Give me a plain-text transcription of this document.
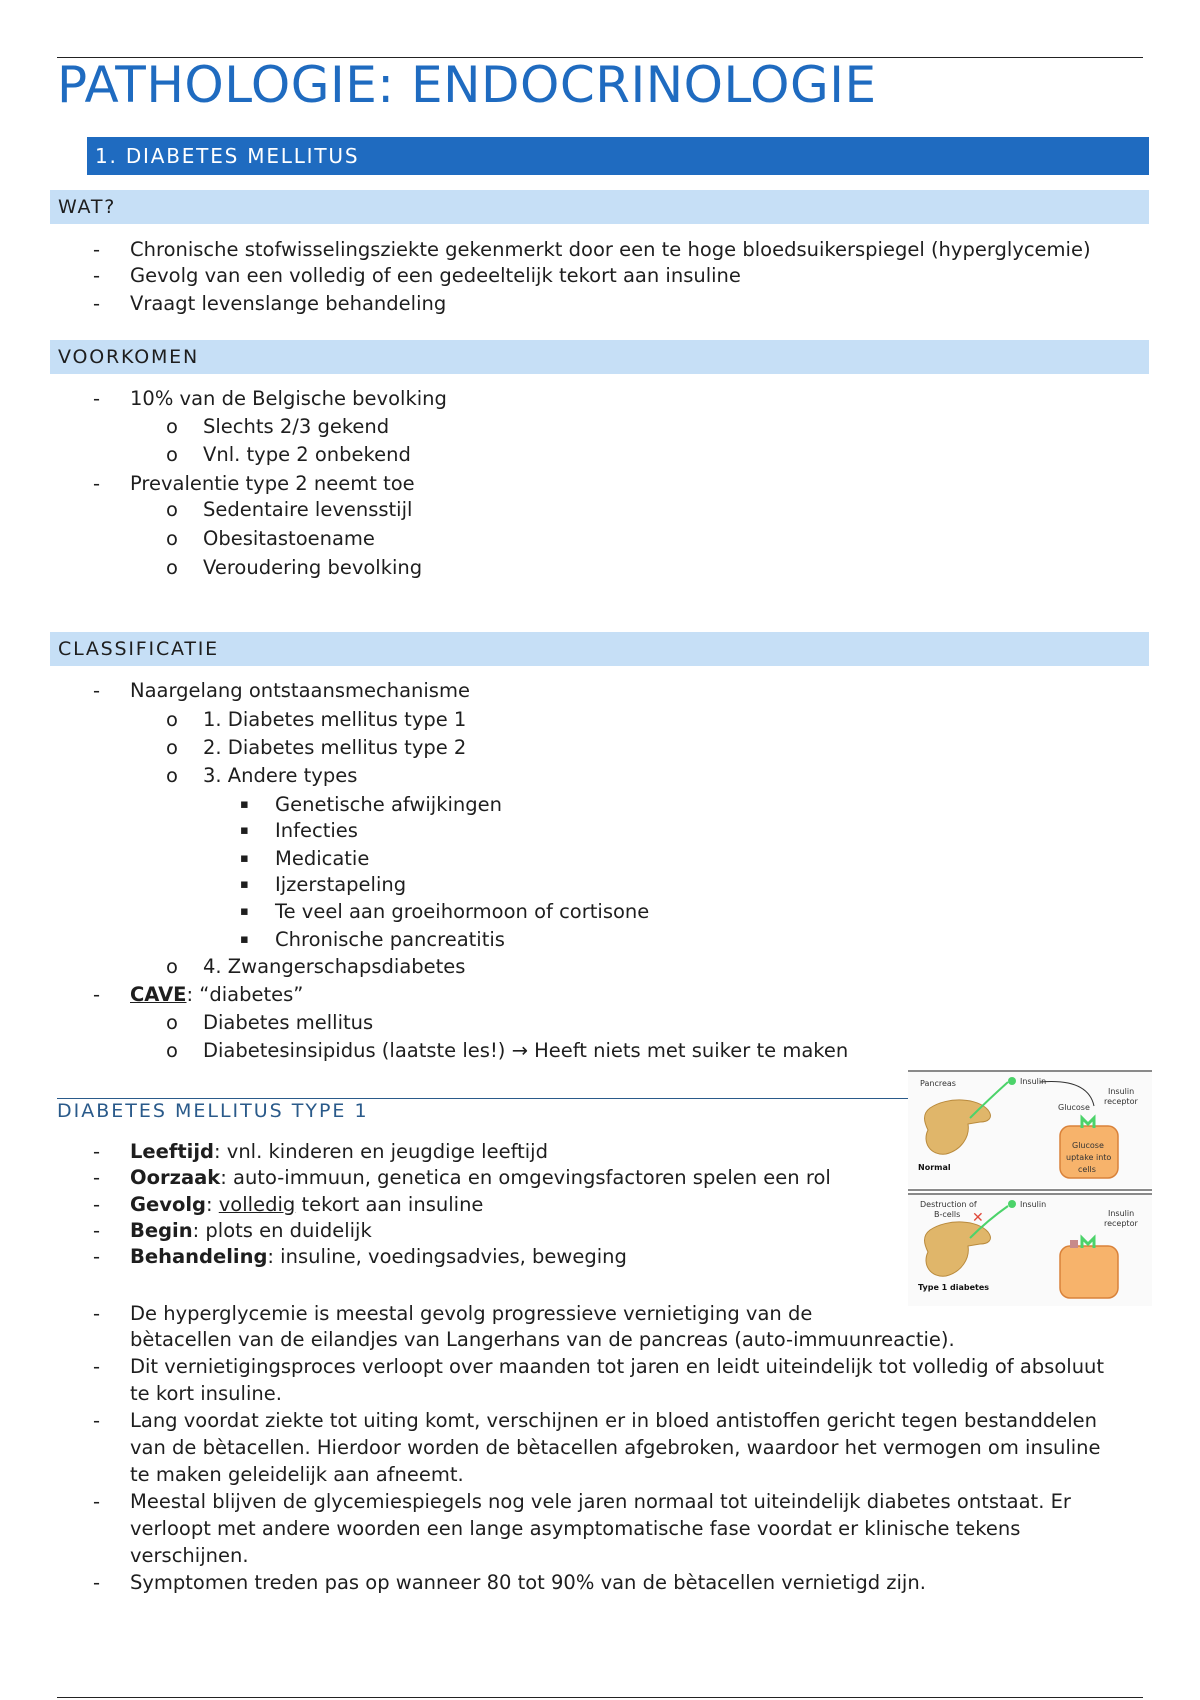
PATHOLOGIE: ENDOCRINOLOGIE
1. DIABETES MELLITUS
WAT?
- Chronische stofwisselingsziekte gekenmerkt door een te hoge bloedsuikerspiegel (hyperglycemie)
- Gevolg van een volledig of een gedeeltelijk tekort aan insuline
- Vraagt levenslange behandeling
VOORKOMEN
- 10% van de Belgische bevolking
o Slechts 2/3 gekend
o Vnl. type 2 onbekend
- Prevalentie type 2 neemt toe
o Sedentaire levensstijl
o Obesitastoename
o Veroudering bevolking
CLASSIFICATIE
- Naargelang ontstaansmechanisme
o 1. Diabetes mellitus type 1
o 2. Diabetes mellitus type 2
o 3. Andere types
▪ Genetische afwijkingen
▪ Infecties
▪ Medicatie
▪ Ijzerstapeling
▪ Te veel aan groeihormoon of cortisone
▪ Chronische pancreatitis
o 4. Zwangerschapsdiabetes
- CAVE: “diabetes”
o Diabetes mellitus
o Diabetesinsipidus (laatste les!) → Heeft niets met suiker te maken
DIABETES MELLITUS TYPE 1
- Leeftijd: vnl. kinderen en jeugdige leeftijd
- Oorzaak: auto-immuun, genetica en omgevingsfactoren spelen een rol
- Gevolg: volledig tekort aan insuline
- Begin: plots en duidelijk
- Behandeling: insuline, voedingsadvies, beweging
- De hyperglycemie is meestal gevolg progressieve vernietiging van de
bètacellen van de eilandjes van Langerhans van de pancreas (auto-immuunreactie).
- Dit vernietigingsproces verloopt over maanden tot jaren en leidt uiteindelijk tot volledig of absoluut
te kort insuline.
- Lang voordat ziekte tot uiting komt, verschijnen er in bloed antistoffen gericht tegen bestanddelen
van de bètacellen. Hierdoor worden de bètacellen afgebroken, waardoor het vermogen om insuline
te maken geleidelijk aan afneemt.
- Meestal blijven de glycemiespiegels nog vele jaren normaal tot uiteindelijk diabetes ontstaat. Er
verloopt met andere woorden een lange asymptomatische fase voordat er klinische tekens
verschijnen.
- Symptomen treden pas op wanneer 80 tot 90% van de bètacellen vernietigd zijn.
Pancreas	Insulin
Insulin
receptor
Glucose
Glucose
uptake into
cells
Normal
Destruction of
B-cells ✕
Insulin
Insulin
receptor
Type 1 diabetes
